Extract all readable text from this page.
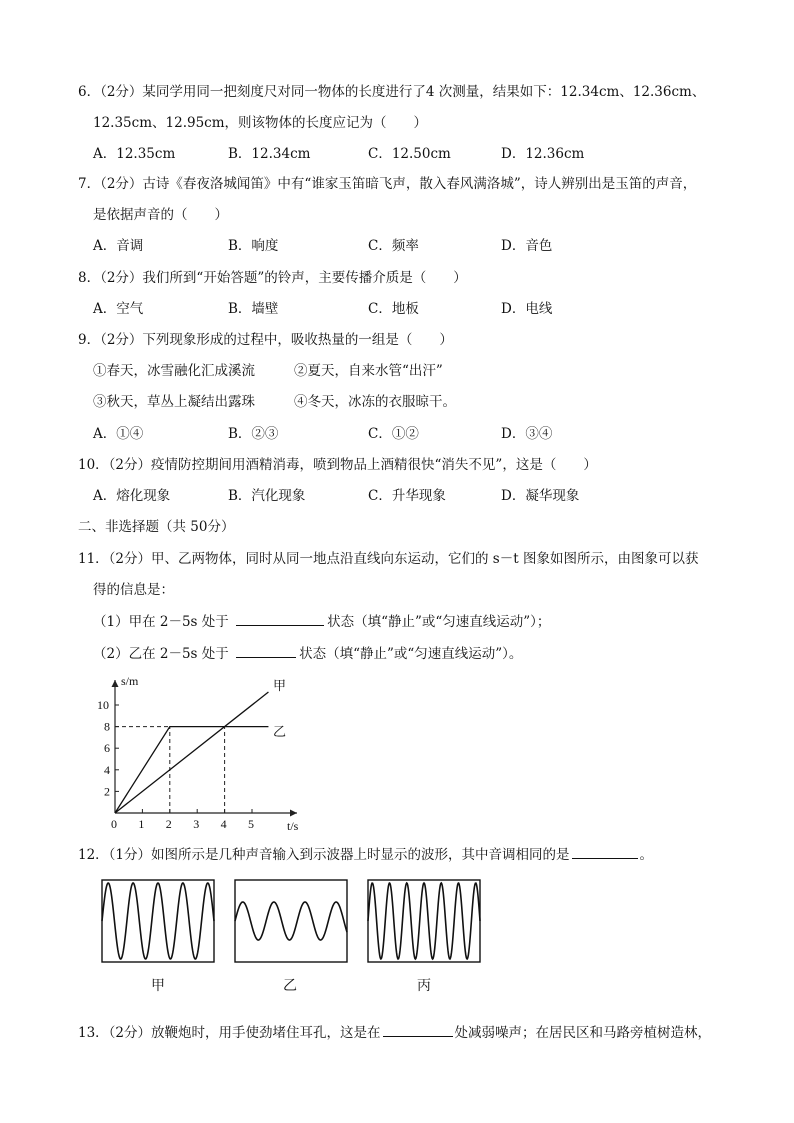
6．（2分）某同学用同一把刻度尺对同一物体的长度进行了4 次测量，结果如下：12.34cm、12.36cm、
12.35cm、12.95cm，则该物体的长度应记为（　　）
A．12.35cm	B．12.34cm	C．12.50cm	D．12.36cm
7．（2分）古诗《春夜洛城闻笛》中有“谁家玉笛暗飞声，散入春风满洛城”，诗人辨别出是玉笛的声音，
是依据声音的（　　）
A．音调	B．响度	C．频率	D．音色
8．（2分）我们所到“开始答题”的铃声，主要传播介质是（　　）
A．空气	B．墙壁	C．地板	D．电线
9．（2分）下列现象形成的过程中，吸收热量的一组是（　　）
①春天，冰雪融化汇成溪流	②夏天，自来水管“出汗”
③秋天，草丛上凝结出露珠	④冬天，冰冻的衣服晾干。
A．①④	B．②③	C．①②	D．③④
10．（2分）疫情防控期间用酒精消毒，喷到物品上酒精很快“消失不见”，这是（　　）
A．熔化现象	B．汽化现象	C．升华现象	D．凝华现象
二、非选择题（共 50分）
11．（2分）甲、乙两物体，同时从同一地点沿直线向东运动，它们的 s－t 图象如图所示，由图象可以获
得的信息是：
（1）甲在 2－5s 处于	状态（填“静止”或“匀速直线运动”）；
（2）乙在 2－5s 处于	状态（填“静止”或“匀速直线运动”）。
s/m
t/s
0 1 2 3 4 5
2
4
6
8
10
甲
乙
12．（1分）如图所示是几种声音输入到示波器上时显示的波形，其中音调相同的是	。
甲	乙	丙
13．（2分）放鞭炮时，用手使劲堵住耳孔，这是在	处减弱噪声；在居民区和马路旁植树造林，
